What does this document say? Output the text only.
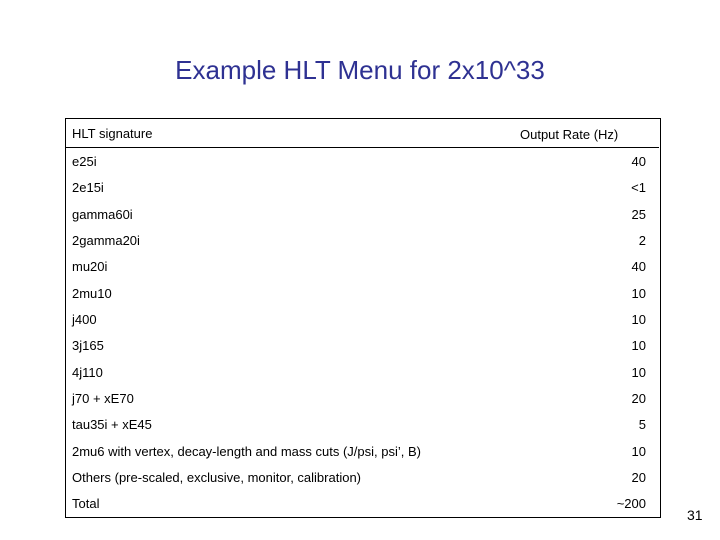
Example HLT Menu for 2x10^33
HLT signature	Output Rate (Hz)
e25i	40
2e15i	<1
gamma60i	25
2gamma20i	2
mu20i	40
2mu10	10
j400	10
3j165	10
4j110	10
j70 + xE70	20
tau35i + xE45	5
2mu6 with vertex, decay-length and mass cuts (J/psi, psi’, B)	10
Others (pre-scaled, exclusive, monitor, calibration)	20
Total	~200
31
